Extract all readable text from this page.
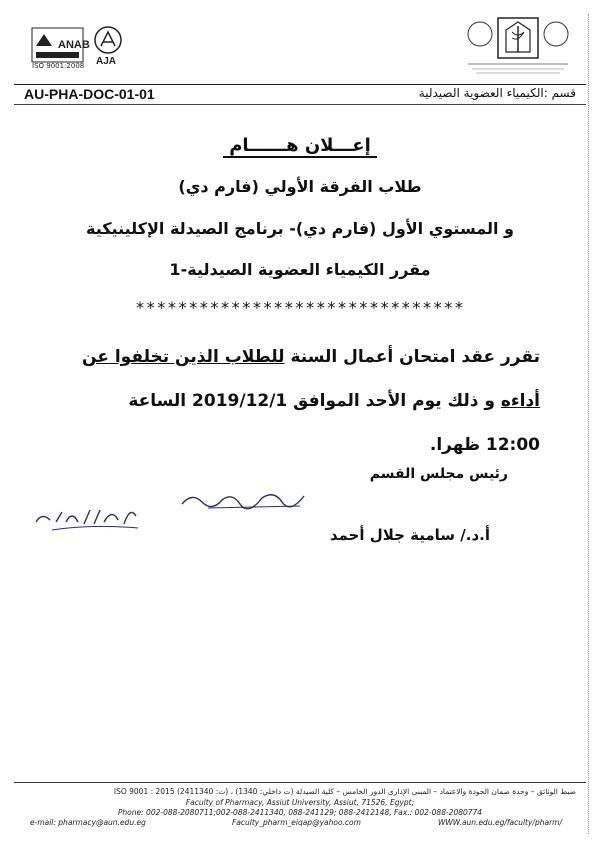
ANAB
ISO 9001:2008 AJA
AU-PHA-DOC-01-01	قسم :الكيمياء العضوية الصيدلية
إعـــلان هــــــام
طلاب الفرقة الأولي (فارم دي)
و المستوي الأول (فارم دي)- برنامج الصيدلة الإكلينيكية
مقرر الكيمياء العضوية الصيدلية-1
*******************************
تقرر عقد امتحان أعمال السنة للطلاب الذين تخلفوا عن
أداءه و ذلك يوم الأحد الموافق 2019/12/1 الساعة
12:00 ظهرا.
رئيس مجلس القسم
أ.د./ سامية جلال أحمد
ضبط الوثائق – وحدة ضمان الجودة والاعتماد – المبنى الإدارى الدور الخامس – كلية الصيدلة (ت داخلي: 1340) ، (ت: 2411340) ISO 9001 : 2015
Faculty of Pharmacy, Assiut University, Assiut, 71526, Egypt;
Phone: 002-088-2080711;002-088-2411340, 088-241129; 088-2412148, Fax.: 002-088-2080774
e-mail: pharmacy@aun.edu.eg	Faculty_pharm_eiqap@yahoo.com	WWW.aun.edu.eg/faculty/pharm/
